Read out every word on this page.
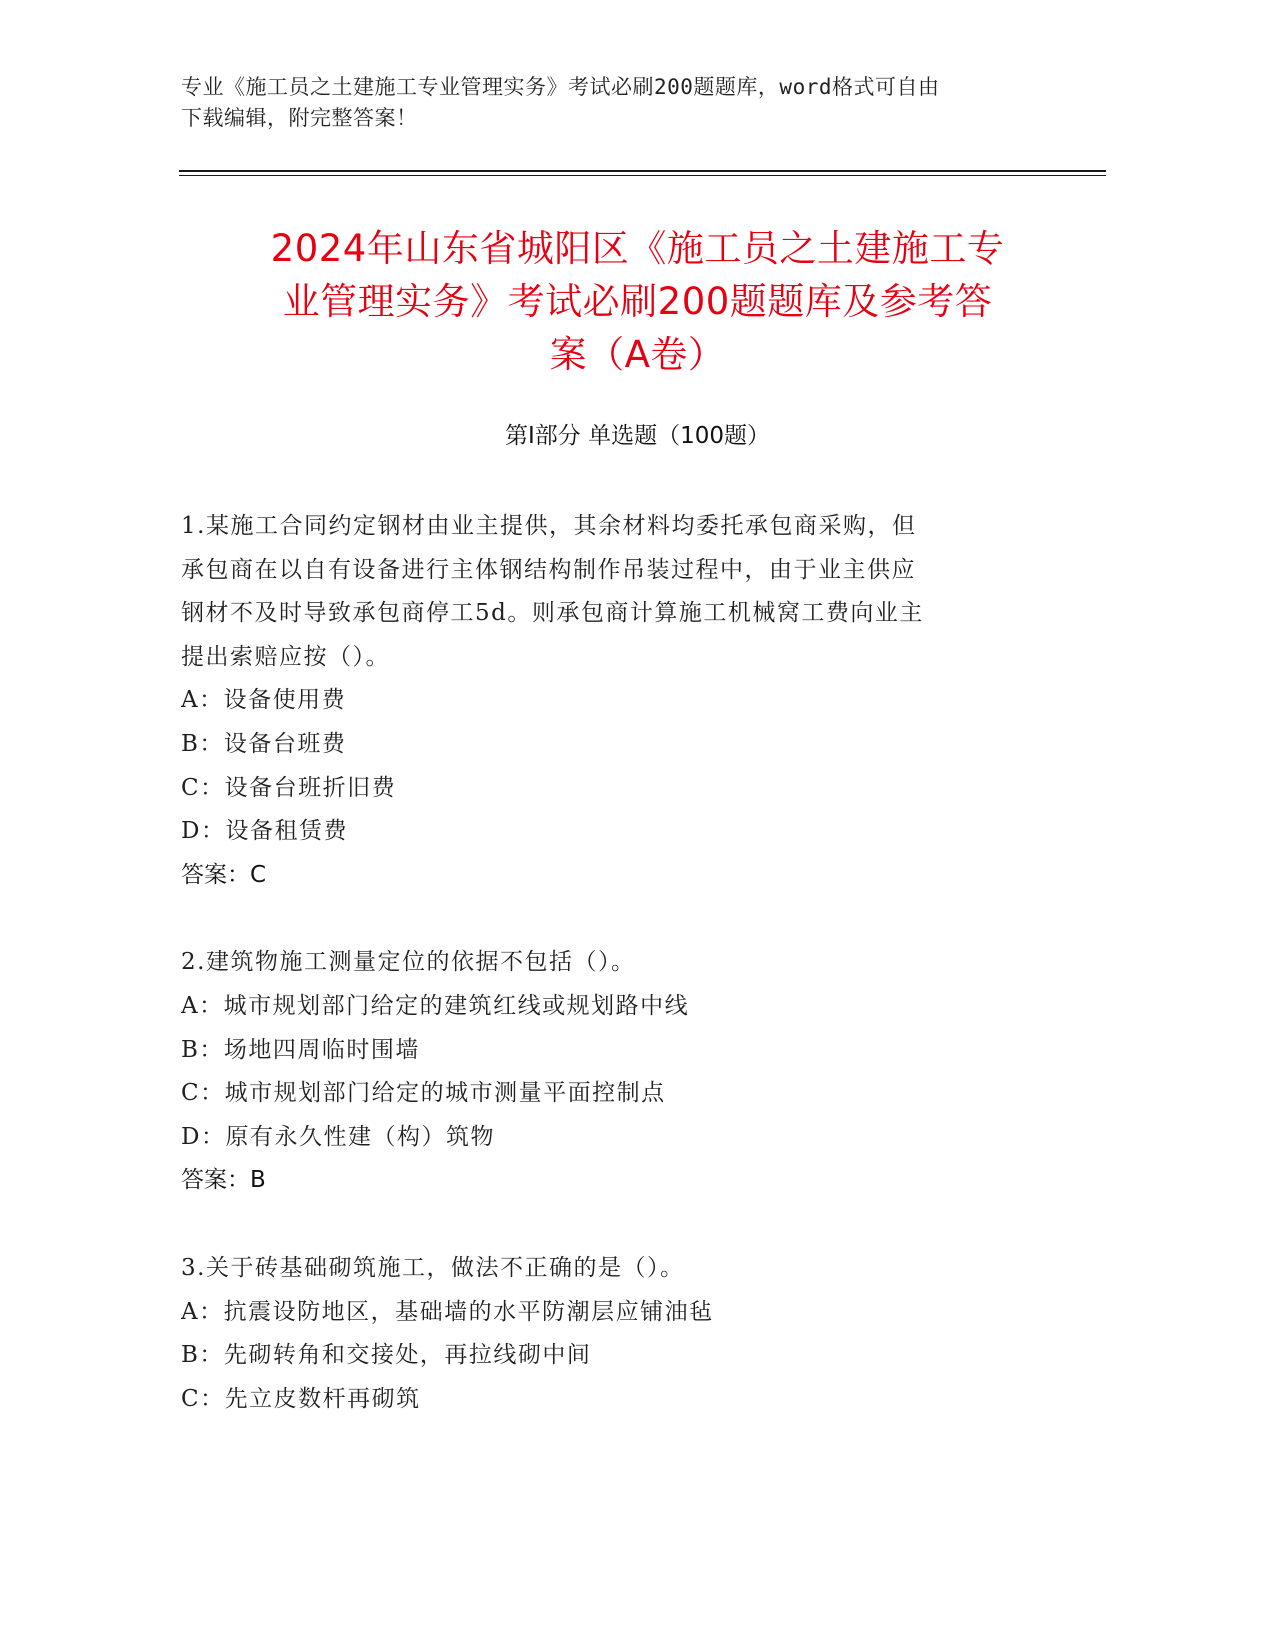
专业《施工员之土建施工专业管理实务》考试必刷200题题库，word格式可自由
下载编辑，附完整答案！
2024年山东省城阳区《施工员之土建施工专
业管理实务》考试必刷200题题库及参考答
案（A卷）
第Ⅰ部分 单选题（100题）
1.某施工合同约定钢材由业主提供，其余材料均委托承包商采购，但
承包商在以自有设备进行主体钢结构制作吊装过程中，由于业主供应
钢材不及时导致承包商停工5d。则承包商计算施工机械窝工费向业主
提出索赔应按（）。
A：设备使用费
B：设备台班费
C：设备台班折旧费
D：设备租赁费
答案：C
2.建筑物施工测量定位的依据不包括（）。
A：城市规划部门给定的建筑红线或规划路中线
B：场地四周临时围墙
C：城市规划部门给定的城市测量平面控制点
D：原有永久性建（构）筑物
答案：B
3.关于砖基础砌筑施工，做法不正确的是（）。
A：抗震设防地区，基础墙的水平防潮层应铺油毡
B：先砌转角和交接处，再拉线砌中间
C：先立皮数杆再砌筑
